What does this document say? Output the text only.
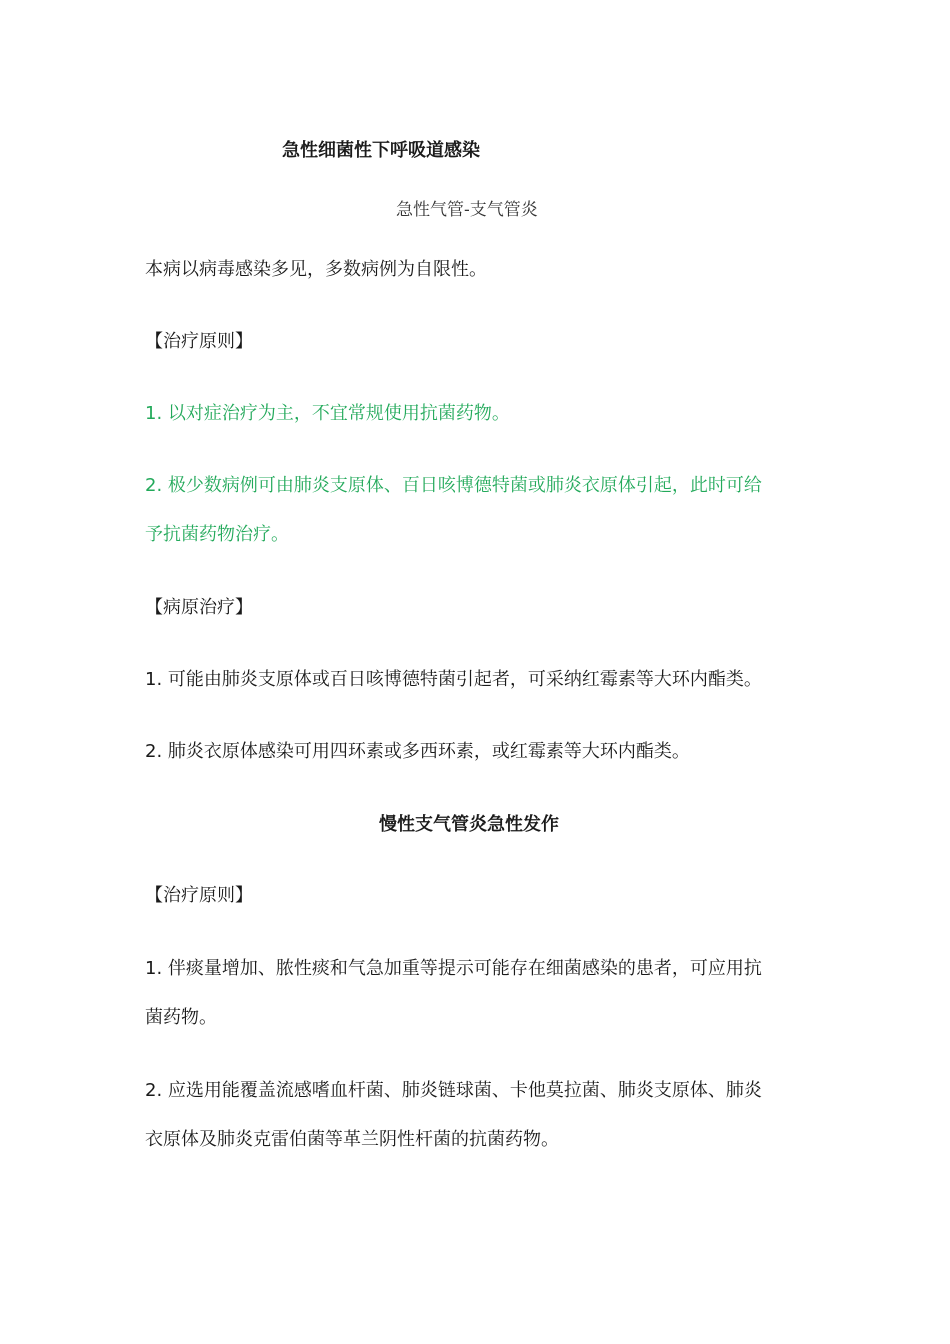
急性细菌性下呼吸道感染
急性气管-支气管炎
本病以病毒感染多见，多数病例为自限性。
【治疗原则】
1. 以对症治疗为主，不宜常规使用抗菌药物。
2. 极少数病例可由肺炎支原体、百日咳博德特菌或肺炎衣原体引起，此时可给
予抗菌药物治疗。
【病原治疗】
1. 可能由肺炎支原体或百日咳博德特菌引起者，可采纳红霉素等大环内酯类。
2. 肺炎衣原体感染可用四环素或多西环素，或红霉素等大环内酯类。
慢性支气管炎急性发作
【治疗原则】
1. 伴痰量增加、脓性痰和气急加重等提示可能存在细菌感染的患者，可应用抗
菌药物。
2. 应选用能覆盖流感嗜血杆菌、肺炎链球菌、卡他莫拉菌、肺炎支原体、肺炎
衣原体及肺炎克雷伯菌等革兰阴性杆菌的抗菌药物。
